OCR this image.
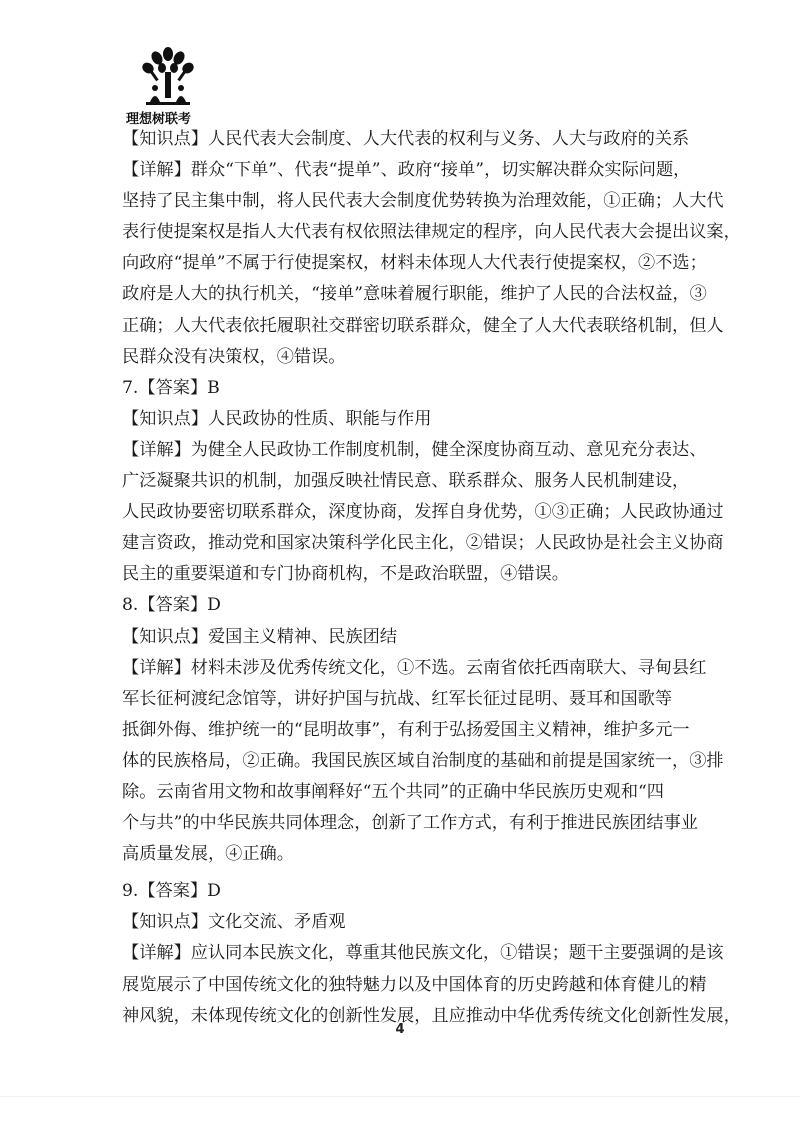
理想树联考
【知识点】人民代表大会制度、人大代表的权利与义务、人大与政府的关系
【详解】群众“下单”、代表“提单”、政府“接单”，切实解决群众实际问题，
坚持了民主集中制，将人民代表大会制度优势转换为治理效能，①正确；人大代
表行使提案权是指人大代表有权依照法律规定的程序，向人民代表大会提出议案，
向政府“提单”不属于行使提案权，材料未体现人大代表行使提案权，②不选；
政府是人大的执行机关，“接单”意味着履行职能，维护了人民的合法权益，③
正确；人大代表依托履职社交群密切联系群众，健全了人大代表联络机制，但人
民群众没有决策权，④错误。
7.【答案】B
【知识点】人民政协的性质、职能与作用
【详解】为健全人民政协工作制度机制，健全深度协商互动、意见充分表达、
广泛凝聚共识的机制，加强反映社情民意、联系群众、服务人民机制建设，
人民政协要密切联系群众，深度协商，发挥自身优势，①③正确；人民政协通过
建言资政，推动党和国家决策科学化民主化，②错误；人民政协是社会主义协商
民主的重要渠道和专门协商机构，不是政治联盟，④错误。
8.【答案】D
【知识点】爱国主义精神、民族团结
【详解】材料未涉及优秀传统文化，①不选。云南省依托西南联大、寻甸县红
军长征柯渡纪念馆等，讲好护国与抗战、红军长征过昆明、聂耳和国歌等
抵御外侮、维护统一的“昆明故事”，有利于弘扬爱国主义精神，维护多元一
体的民族格局，②正确。我国民族区域自治制度的基础和前提是国家统一，③排
除。云南省用文物和故事阐释好“五个共同”的正确中华民族历史观和“四
个与共”的中华民族共同体理念，创新了工作方式，有利于推进民族团结事业
高质量发展，④正确。
9.【答案】D
【知识点】文化交流、矛盾观
【详解】应认同本民族文化，尊重其他民族文化，①错误；题干主要强调的是该
展览展示了中国传统文化的独特魅力以及中国体育的历史跨越和体育健儿的精
神风貌，未体现传统文化的创新性发展，且应推动中华优秀传统文化创新性发展，
4
